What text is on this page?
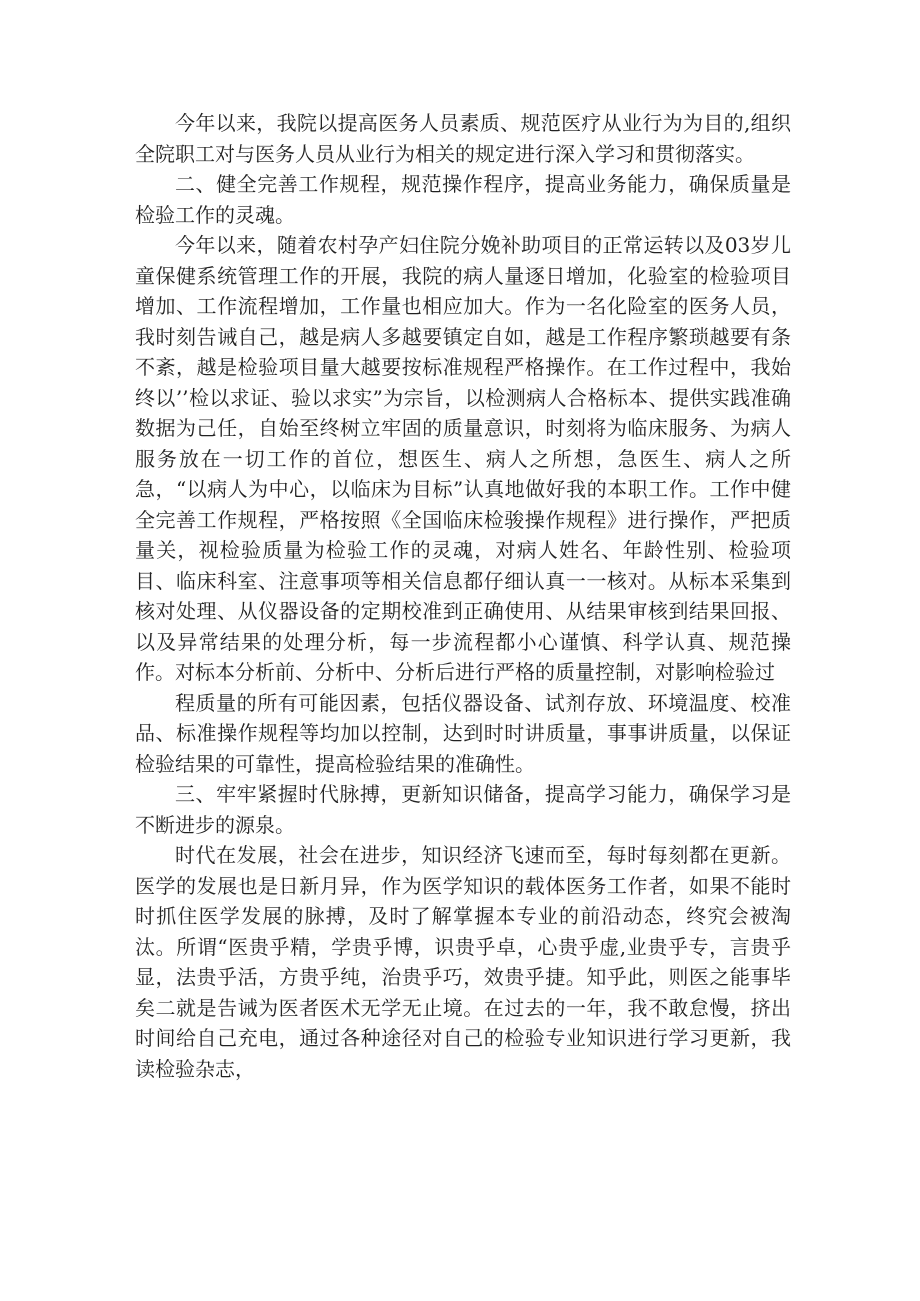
今年以来，我院以提高医务人员素质、规范医疗从业行为为目的,组织全院职工对与医务人员从业行为相关的规定进行深入学习和贯彻落实。

二、健全完善工作规程，规范操作程序，提高业务能力，确保质量是检验工作的灵魂。

今年以来，随着农村孕产妇住院分娩补助项目的正常运转以及03岁儿童保健系统管理工作的开展，我院的病人量逐日增加，化验室的检验项目增加、工作流程增加，工作量也相应加大。作为一名化险室的医务人员，我时刻告诫自己，越是病人多越要镇定自如，越是工作程序繁琐越要有条不紊，越是检验项目量大越要按标准规程严格操作。在工作过程中，我始终以’’检以求证、验以求实”为宗旨，以检测病人合格标本、提供实践准确数据为己任，自始至终树立牢固的质量意识，时刻将为临床服务、为病人服务放在一切工作的首位，想医生、病人之所想，急医生、病人之所急，“以病人为中心，以临床为目标”认真地做好我的本职工作。工作中健全完善工作规程，严格按照《全国临床检骏操作规程》进行操作，严把质量关，视检验质量为检验工作的灵魂，对病人姓名、年龄性别、检验项目、临床科室、注意事项等相关信息都仔细认真一一核对。从标本采集到核对处理、从仪器设备的定期校准到正确使用、从结果审核到结果回报、以及异常结果的处理分析，每一步流程都小心谨慎、科学认真、规范操作。对标本分析前、分析中、分析后进行严格的质量控制，对影响检验过

程质量的所有可能因素，包括仪器设备、试剂存放、环境温度、校准品、标准操作规程等均加以控制，达到时时讲质量，事事讲质量，以保证检验结果的可靠性，提高检验结果的准确性。

三、牢牢紧握时代脉搏，更新知识储备，提高学习能力，确保学习是不断进步的源泉。

时代在发展，社会在进步，知识经济飞速而至，每时每刻都在更新。医学的发展也是日新月异，作为医学知识的载体医务工作者，如果不能时时抓住医学发展的脉搏，及时了解掌握本专业的前沿动态，终究会被淘汰。所谓“医贵乎精，学贵乎博，识贵乎卓，心贵乎虚,业贵乎专，言贵乎显，法贵乎活，方贵乎纯，治贵乎巧，效贵乎捷。知乎此，则医之能事毕矣二就是告诫为医者医术无学无止境。在过去的一年，我不敢怠慢，挤出时间给自己充电，通过各种途径对自己的检验专业知识进行学习更新，我读检验杂志，
